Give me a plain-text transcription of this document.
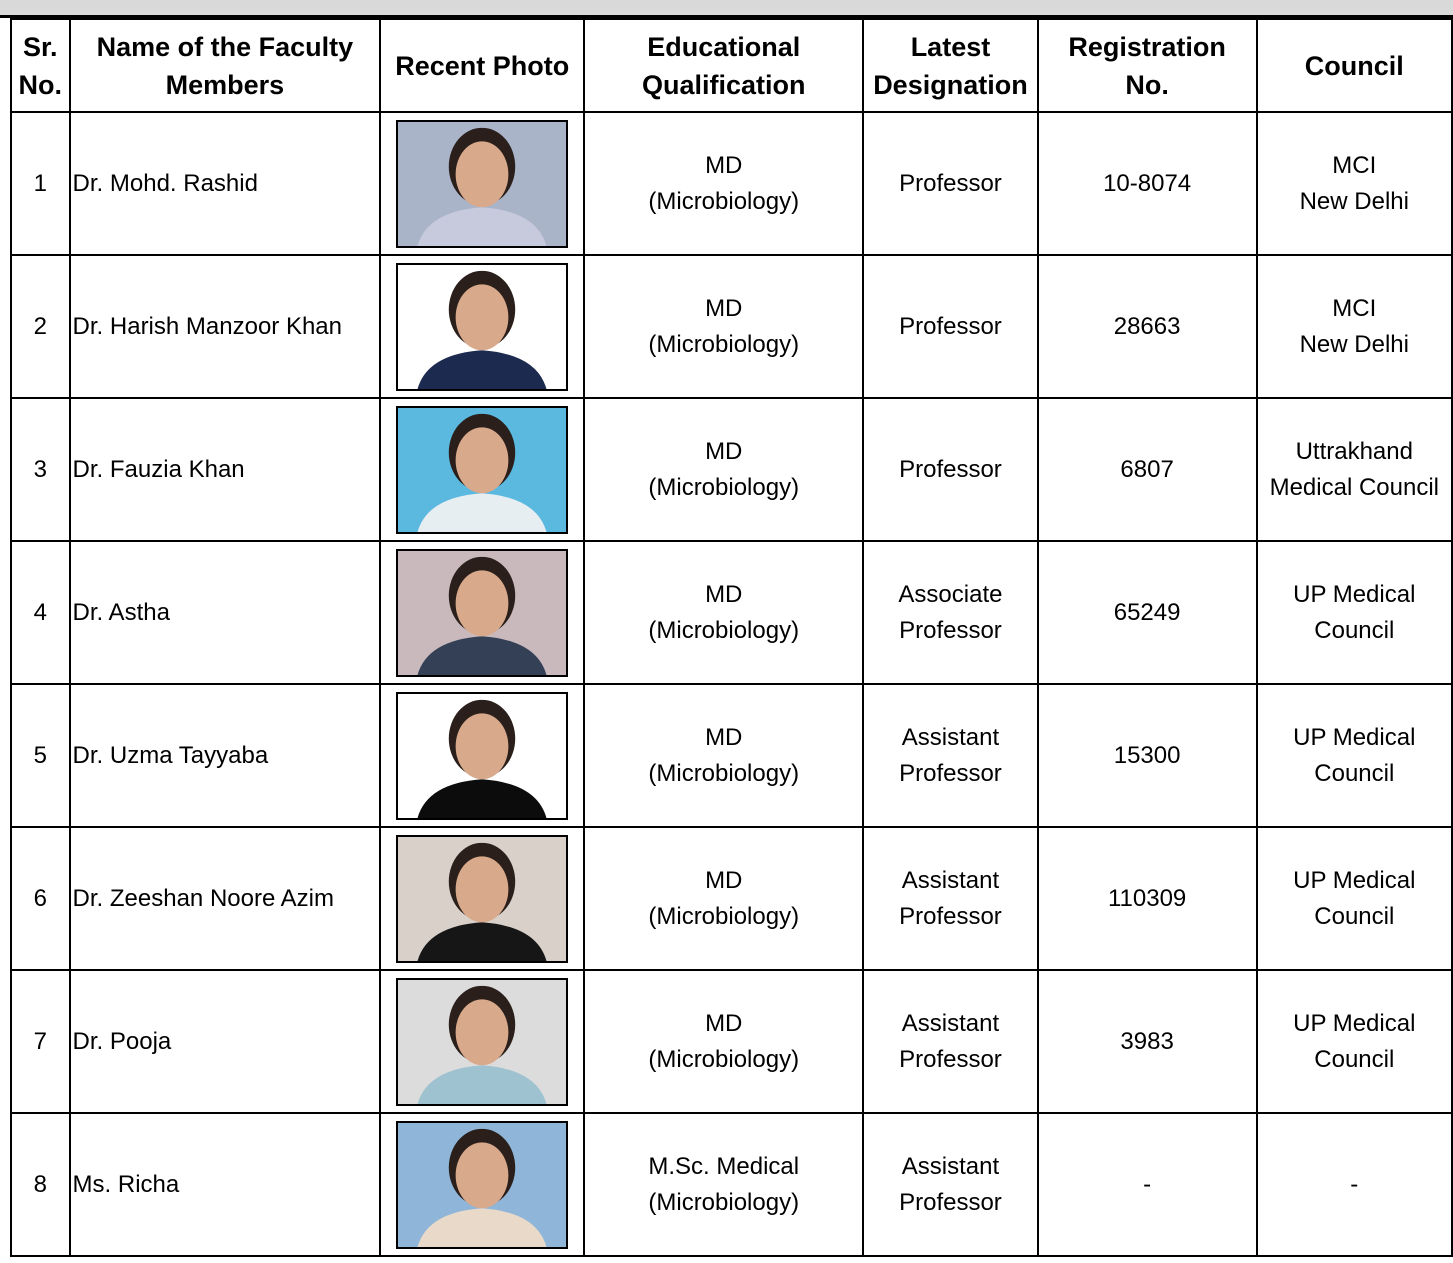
Sr.
No.	Name of the Faculty
Members	Recent Photo	Educational
Qualification	Latest
Designation	Registration
No.	Council
1	Dr. Mohd. Rashid		MD
(Microbiology)	Professor	10-8074	MCI
New Delhi
2	Dr. Harish Manzoor Khan		MD
(Microbiology)	Professor	28663	MCI
New Delhi
3	Dr. Fauzia Khan		MD
(Microbiology)	Professor	6807	Uttrakhand
Medical Council
4	Dr. Astha		MD
(Microbiology)	Associate
Professor	65249	UP Medical
Council
5	Dr. Uzma Tayyaba		MD
(Microbiology)	Assistant
Professor	15300	UP Medical
Council
6	Dr. Zeeshan Noore Azim		MD
(Microbiology)	Assistant
Professor	110309	UP Medical
Council
7	Dr. Pooja		MD
(Microbiology)	Assistant
Professor	3983	UP Medical
Council
8	Ms. Richa		M.Sc. Medical
(Microbiology)	Assistant
Professor	-	-
